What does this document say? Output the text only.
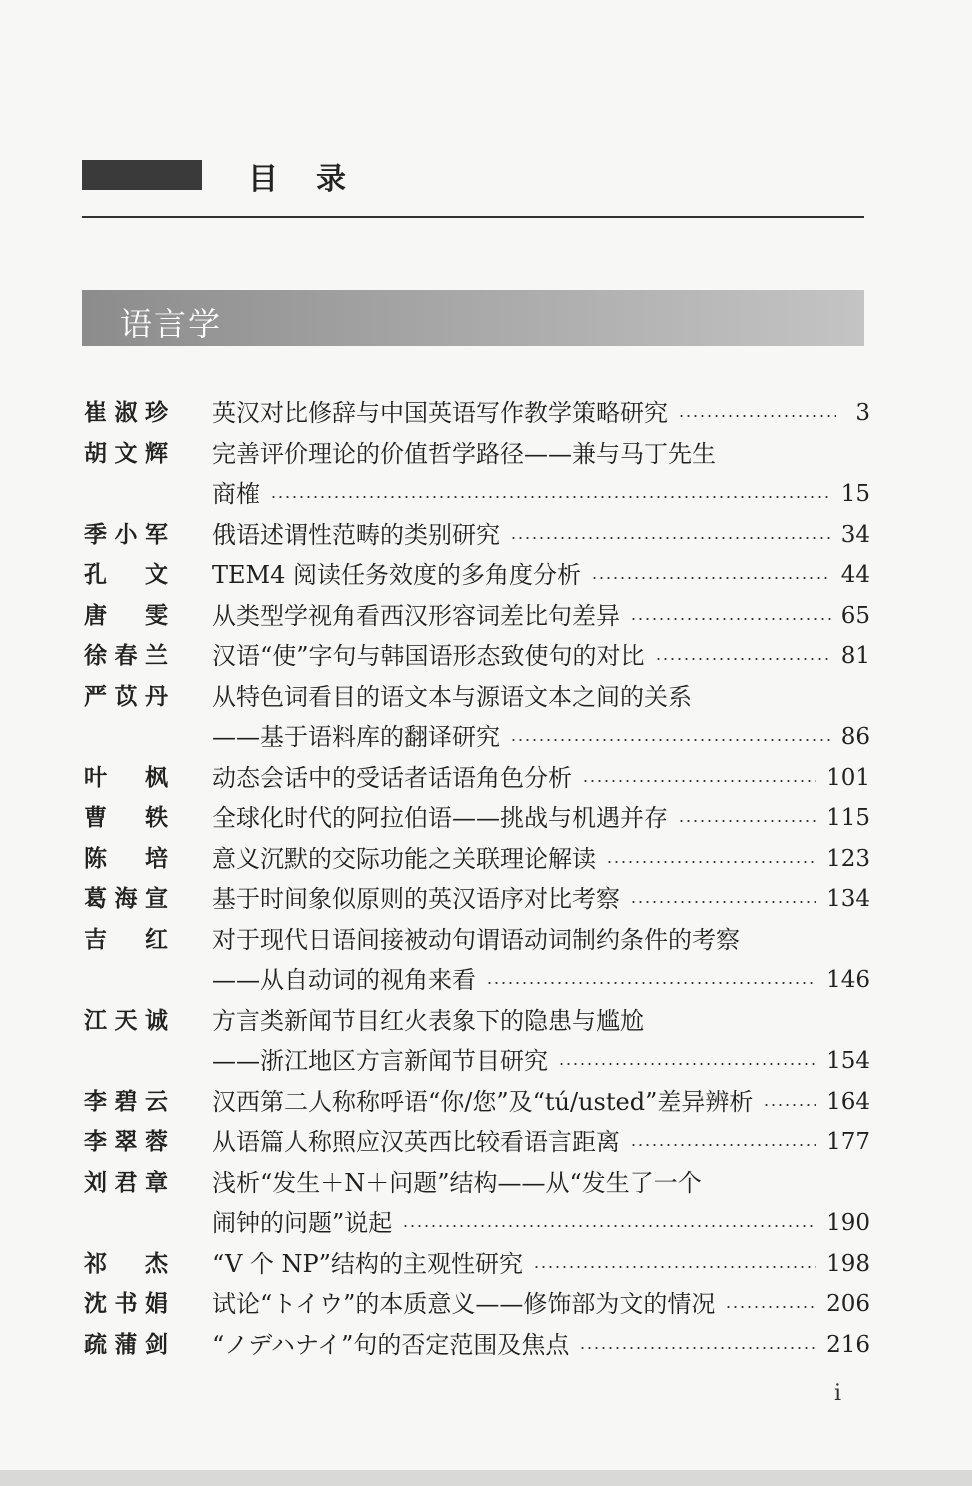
目录
语言学
崔 淑 珍 英汉对比修辞与中国英语写作教学策略研究	3
胡 文 辉 完善评价理论的价值哲学路径——兼与马丁先生
商榷	15
季 小 军 俄语述谓性范畴的类别研究	34
孔 文 TEM4 阅读任务效度的多角度分析	44
唐 雯 从类型学视角看西汉形容词差比句差异	65
徐 春 兰 汉语“使”字句与韩国语形态致使句的对比	81
严 苡 丹 从特色词看目的语文本与源语文本之间的关系
——基于语料库的翻译研究	86
叶 枫 动态会话中的受话者话语角色分析	101
曹 轶 全球化时代的阿拉伯语——挑战与机遇并存	115
陈 培 意义沉默的交际功能之关联理论解读	123
葛 海 宣 基于时间象似原则的英汉语序对比考察	134
吉 红 对于现代日语间接被动句谓语动词制约条件的考察
——从自动词的视角来看	146
江 天 诚 方言类新闻节目红火表象下的隐患与尴尬
——浙江地区方言新闻节目研究	154
李 碧 云 汉西第二人称称呼语“你/您”及“tú/usted”差异辨析	164
李 翠 蓉 从语篇人称照应汉英西比较看语言距离	177
刘 君 章 浅析“发生＋N＋问题”结构——从“发生了一个
闹钟的问题”说起	190
祁 杰 “V 个 NP”结构的主观性研究	198
沈 书 娟 试论“トイウ”的本质意义——修饰部为文的情况	206
疏 蒲 剑 “ノデハナイ”句的否定范围及焦点	216
i
